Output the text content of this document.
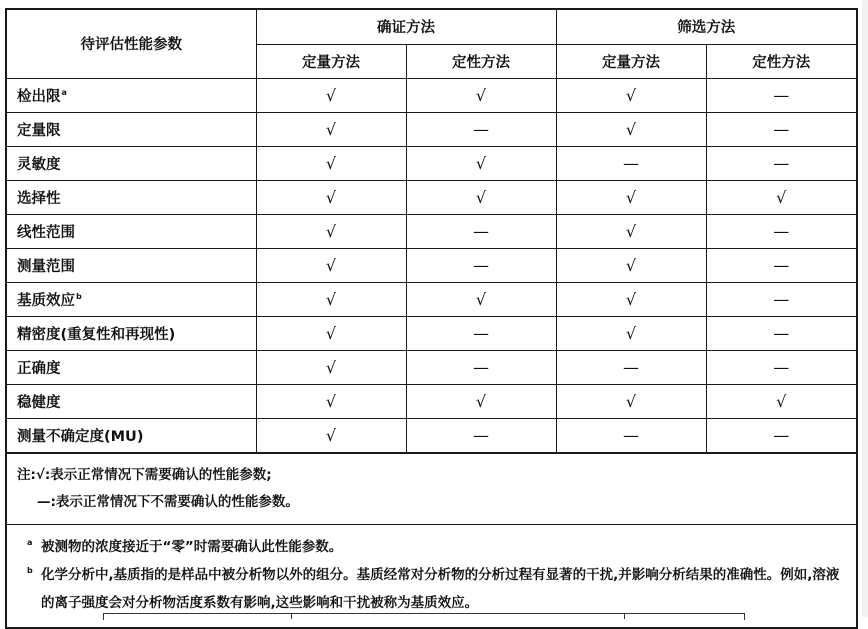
待评估性能参数	确证方法		筛选方法	
	定量方法	定性方法	定量方法	定性方法
检出限$^a$	√	√	√	—
定量限	√	—	√	—
灵敏度	√	√	—	—
选择性	√	√	√	√
线性范围	√	—	√	—
测量范围	√	—	√	—
基质效应$^b$	√	√	√	—
精密度(重复性和再现性)	√	—	√	—
正确度	√	—	—	—
稳健度	√	√	√	√
测量不确定度(MU)	√	—	—	—
注:√:表示正常情况下需要确认的性能参数;
—:表示正常情况下不需要确认的性能参数。
a 被测物的浓度接近于“零”时需要确认此性能参数。
b 化学分析中,基质指的是样品中被分析物以外的组分。基质经常对分析物的分析过程有显著的干扰,并影响分析结果的准确性。例如,溶液的离子强度会对分析物活度系数有影响,这些影响和干扰被称为基质效应。
